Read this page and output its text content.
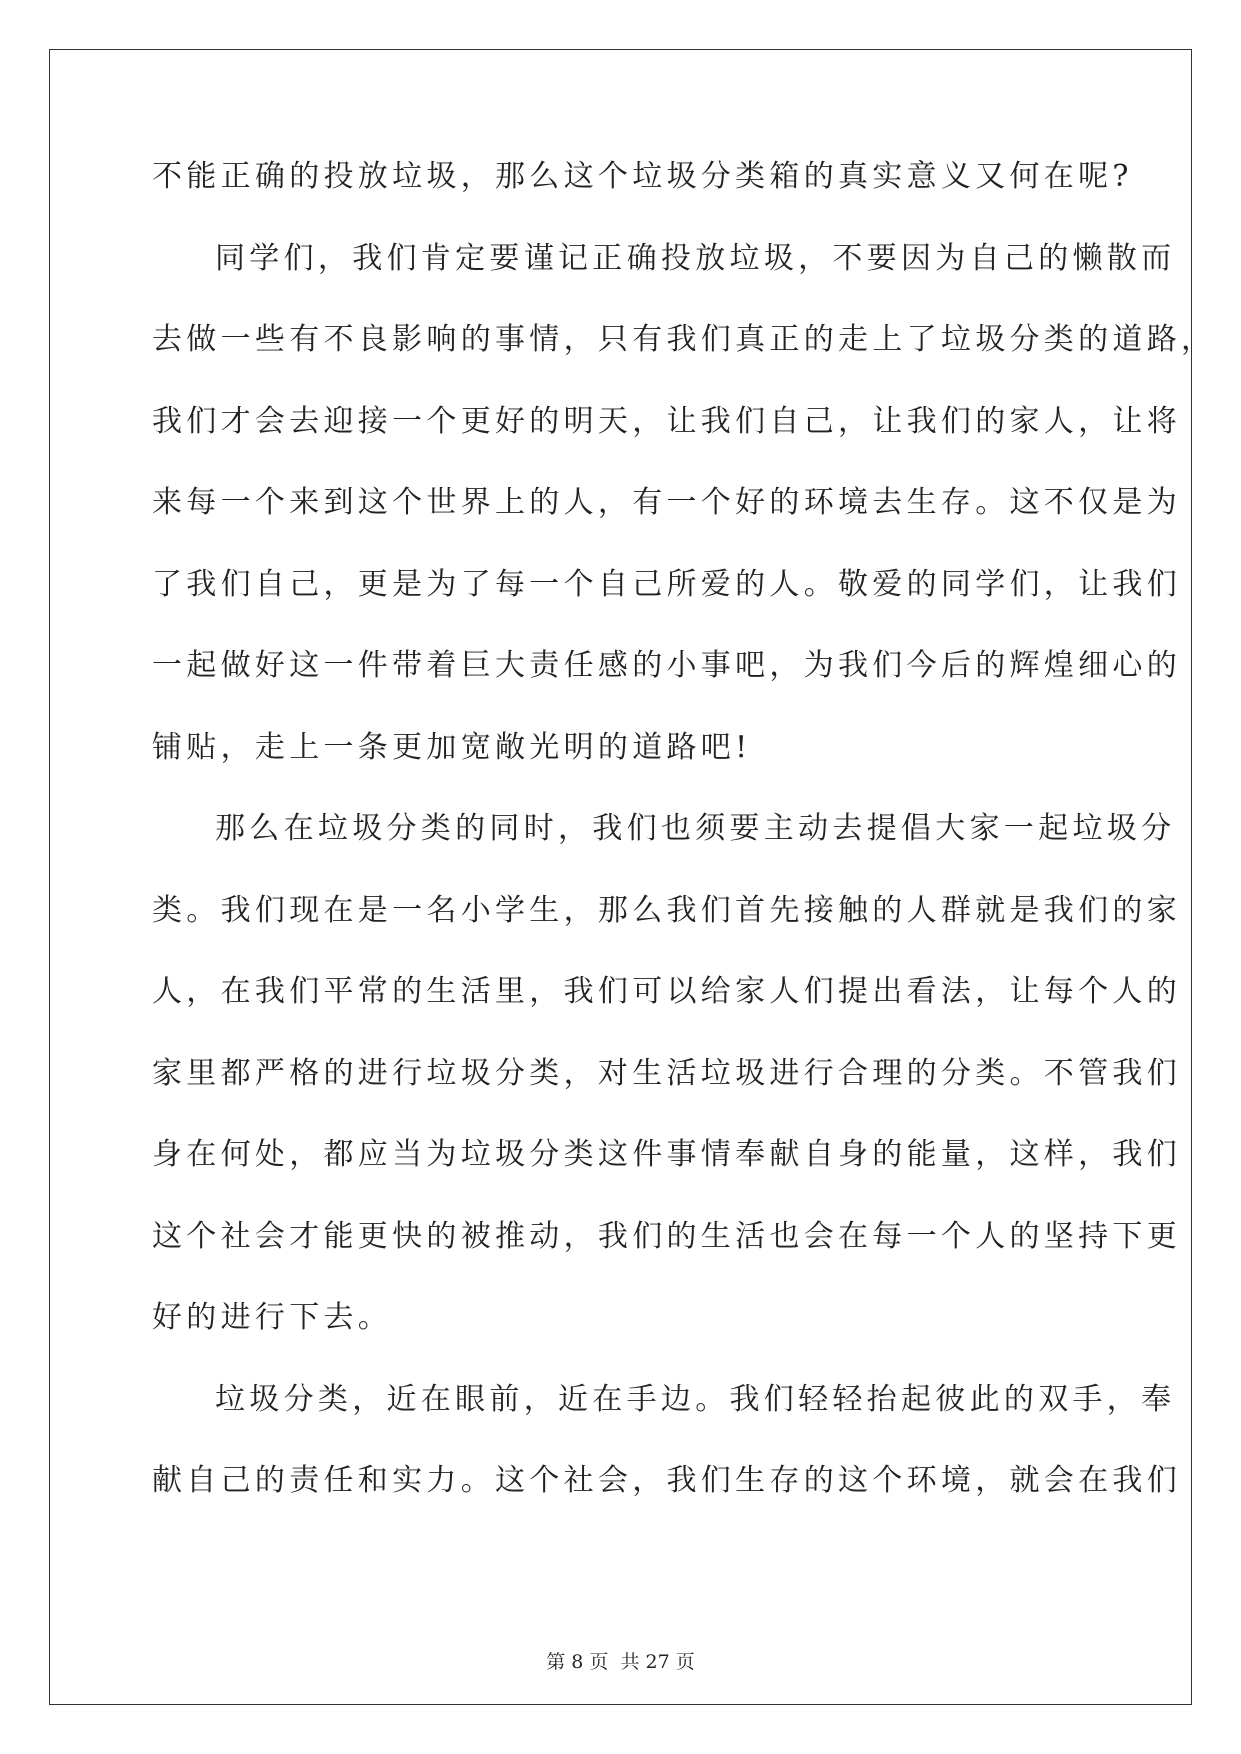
不能正确的投放垃圾，那么这个垃圾分类箱的真实意义又何在呢?
同学们，我们肯定要谨记正确投放垃圾，不要因为自己的懒散而
去做一些有不良影响的事情，只有我们真正的走上了垃圾分类的道路，
我们才会去迎接一个更好的明天，让我们自己，让我们的家人，让将
来每一个来到这个世界上的人，有一个好的环境去生存。这不仅是为
了我们自己，更是为了每一个自己所爱的人。敬爱的同学们，让我们
一起做好这一件带着巨大责任感的小事吧，为我们今后的辉煌细心的
铺贴，走上一条更加宽敞光明的道路吧!
那么在垃圾分类的同时，我们也须要主动去提倡大家一起垃圾分
类。我们现在是一名小学生，那么我们首先接触的人群就是我们的家
人，在我们平常的生活里，我们可以给家人们提出看法，让每个人的
家里都严格的进行垃圾分类，对生活垃圾进行合理的分类。不管我们
身在何处，都应当为垃圾分类这件事情奉献自身的能量，这样，我们
这个社会才能更快的被推动，我们的生活也会在每一个人的坚持下更
好的进行下去。
垃圾分类，近在眼前，近在手边。我们轻轻抬起彼此的双手，奉
献自己的责任和实力。这个社会，我们生存的这个环境，就会在我们
第 8 页  共 27 页
